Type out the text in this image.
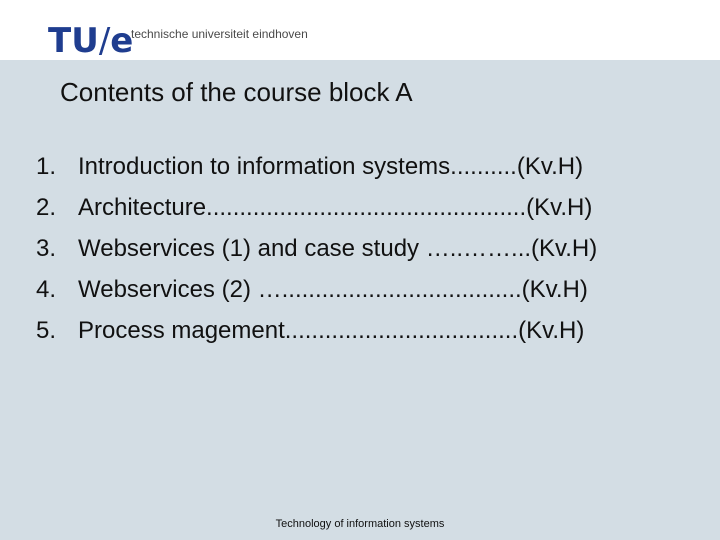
TU/e
technische universiteit eindhoven
Contents of the course block A
1. Introduction to information systems..........(Kv.H)
2. Architecture................................................(Kv.H)
3. Webservices (1) and case study …..……...(Kv.H)
4. Webservices (2) …....................................(Kv.H)
5. Process magement...................................(Kv.H)
Technology of information systems
